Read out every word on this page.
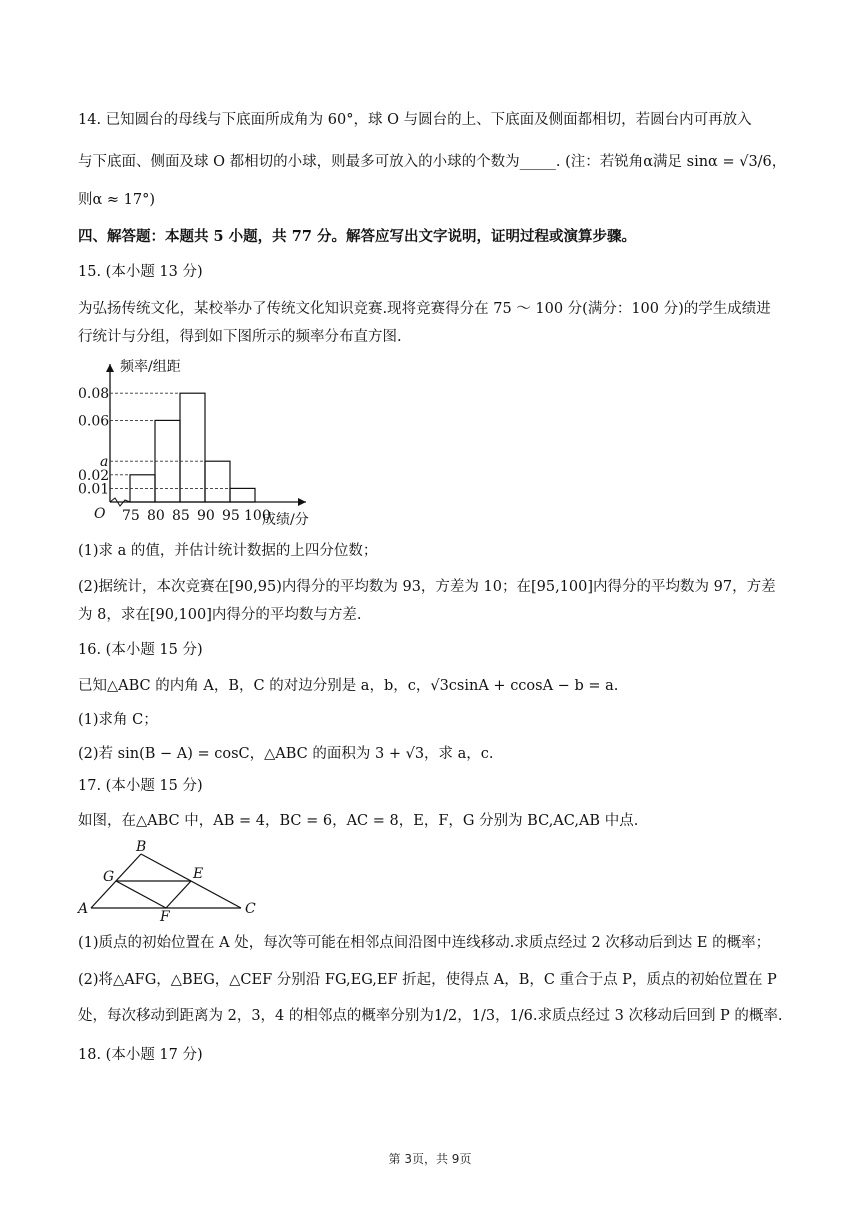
14. 已知圆台的母线与下底面所成角为 60°，球 O 与圆台的上、下底面及侧面都相切，若圆台内可再放入
与下底面、侧面及球 O 都相切的小球，则最多可放入的小球的个数为_____. (注：若锐角α满足 sinα = √3/6，
则α ≈ 17°)
四、解答题：本题共 5 小题，共 77 分。解答应写出文字说明，证明过程或演算步骤。
15. (本小题 13 分)
为弘扬传统文化，某校举办了传统文化知识竞赛.现将竞赛得分在 75 ～ 100 分(满分：100 分)的学生成绩进
行统计与分组，得到如下图所示的频率分布直方图.
0.08
0.06
a
0.02
0.01
75 80 85 90 95 100
O
频率/组距
成绩/分
(1)求 a 的值，并估计统计数据的上四分位数；
(2)据统计，本次竞赛在[90,95)内得分的平均数为 93，方差为 10；在[95,100]内得分的平均数为 97，方差
为 8，求在[90,100]内得分的平均数与方差.
16. (本小题 15 分)
已知△ABC 的内角 A，B，C 的对边分别是 a，b，c，√3csinA + ccosA − b = a.
(1)求角 C；
(2)若 sin(B − A) = cosC，△ABC 的面积为 3 + √3，求 a，c.
17. (本小题 15 分)
如图，在△ABC 中，AB = 4，BC = 6，AC = 8，E，F，G 分别为 BC,AC,AB 中点.
A
B
C
G	E
F
(1)质点的初始位置在 A 处，每次等可能在相邻点间沿图中连线移动.求质点经过 2 次移动后到达 E 的概率；
(2)将△AFG，△BEG，△CEF 分别沿 FG,EG,EF 折起，使得点 A，B，C 重合于点 P，质点的初始位置在 P
处，每次移动到距离为 2，3，4 的相邻点的概率分别为1/2，1/3，1/6.求质点经过 3 次移动后回到 P 的概率.
18. (本小题 17 分)
第 3页，共 9页
